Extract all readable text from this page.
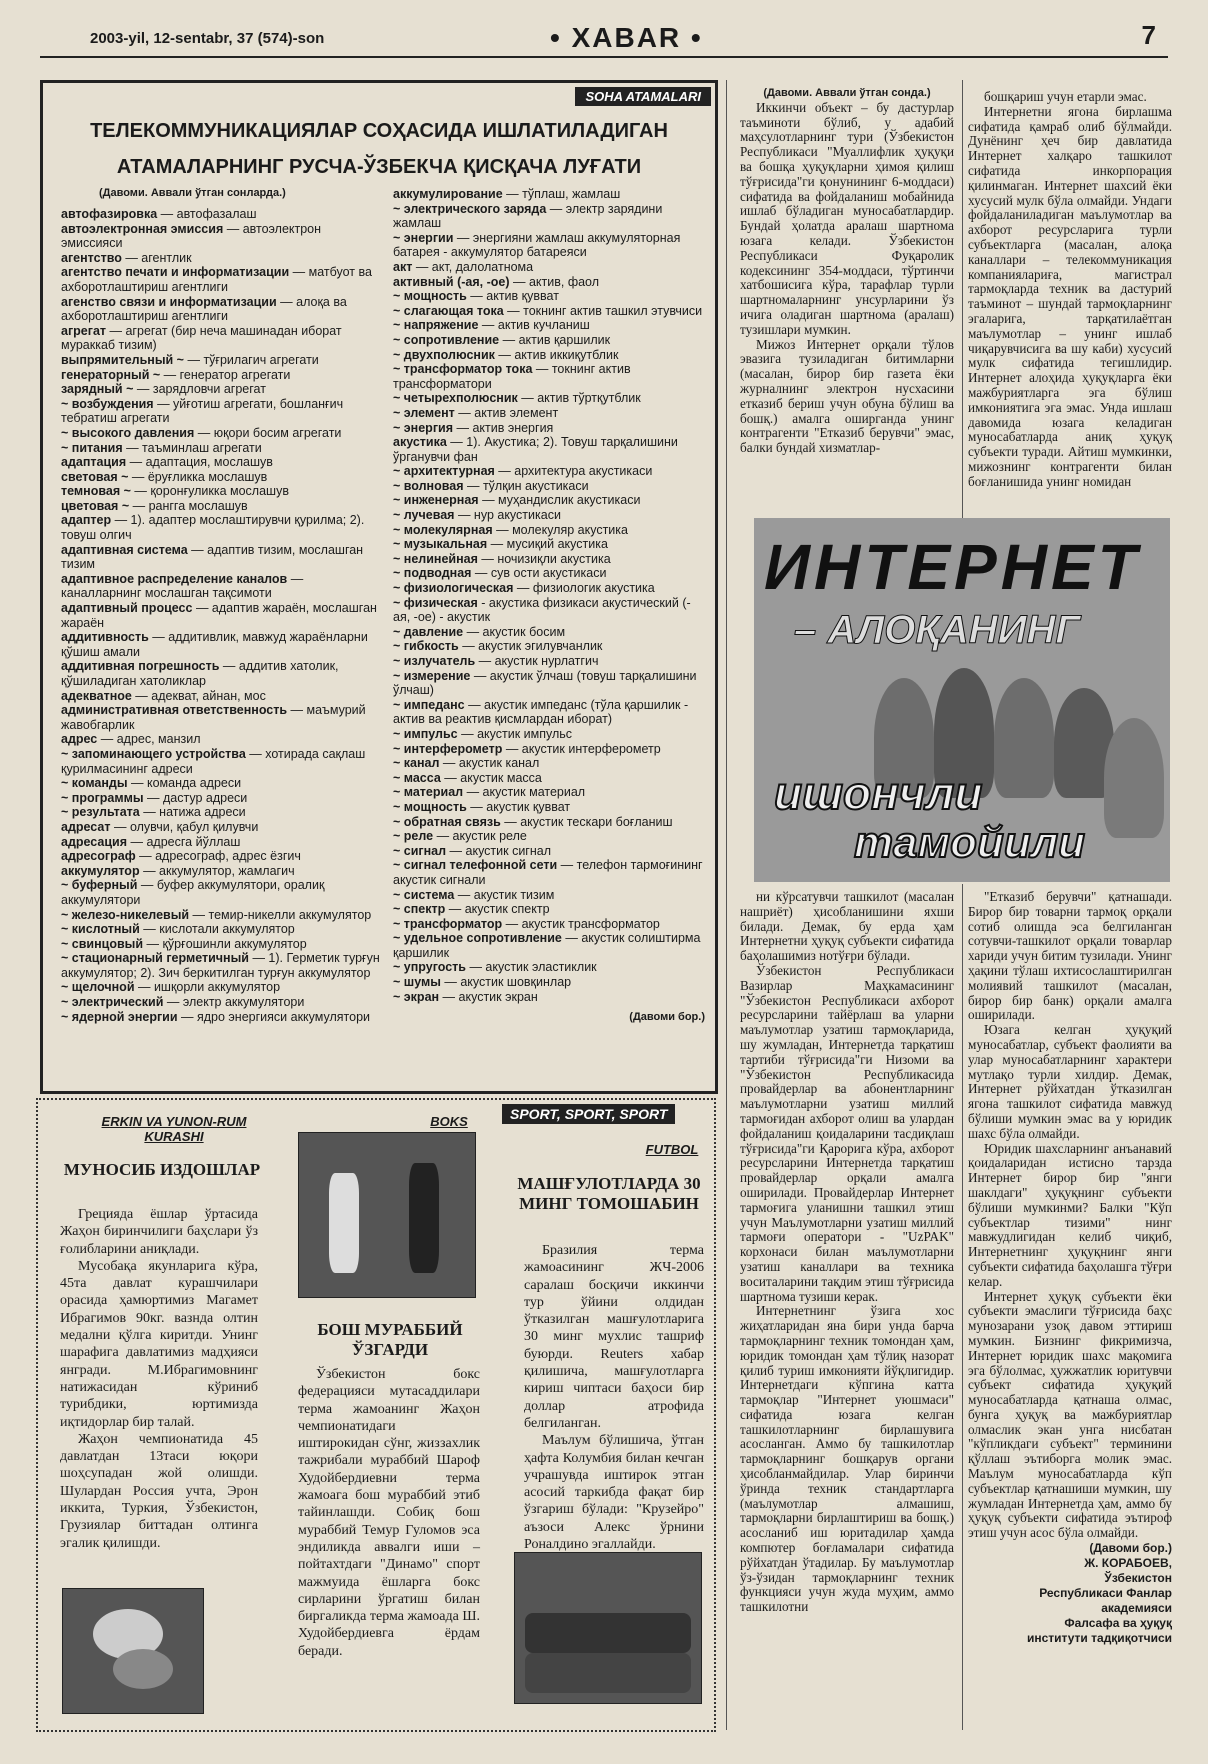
2003-yil, 12-sentabr, 37 (574)-son	• XABAR •	7
SOHA ATAMALARI
ТЕЛЕКОММУНИКАЦИЯЛАР СОҲАСИДА ИШЛАТИЛАДИГАН
АТАМАЛАРНИНГ РУСЧА-ЎЗБЕКЧА ҚИСҚАЧА ЛУҒАТИ
(Давоми. Аввали ўтган сонларда.)

автофазировка — автофазалаш

автоэлектронная эмиссия — автоэлектрон эмиссияси

агентство — агентлик

агентство печати и информатизации — матбуот ва ахборотлаштириш агентлиги

агенство связи и информатизации — алоқа ва ахборотлаштириш агентлиги

агрегат — агрегат (бир неча машинадан иборат мураккаб тизим)

выпрямительный ~ — тўғрилагич агрегати

генераторный ~ — генератор агрегати

зарядный ~ — зарядловчи агрегат

~ возбуждения — уйғотиш агрегати, бошланғич тебратиш агрегати

~ высокого давления — юқори босим агрегати

~ питания — таъминлаш агрегати

адаптация — адаптация, мослашув

световая ~ — ёруғликка мослашув

темновая ~ — қоронғуликка мослашув

цветовая ~ — рангга мослашув

адаптер — 1). адаптер мослаштирувчи қурилма; 2). товуш олгич

адаптивная система — адаптив тизим, мослашган тизим

адаптивное распределение каналов — каналларнинг мослашган тақсимоти

адаптивный процесс — адаптив жараён, мослашган жараён

аддитивность — аддитивлик, мавжуд жараёнларни қўшиш амали

аддитивная погрешность — аддитив хатолик, қўшиладиган хатоликлар

адекватное — адекват, айнан, мос

административная ответственность — маъмурий жавобгарлик

адрес — адрес, манзил

~ запоминающего устройства — хотирада сақлаш қурилмасининг адреси

~ команды — команда адреси

~ программы — дастур адреси

~ результата — натижа адреси

адресат — олувчи, қабул қилувчи

адресация — адресга йўллаш

адресограф — адресограф, адрес ёзгич

аккумулятор — аккумулятор, жамлагич

~ буферный — буфер аккумулятори, оралиқ аккумулятори

~ железо-никелевый — темир-никелли аккумулятор

~ кислотный — кислотали аккумулятор

~ свинцовый — қўрғошинли аккумулятор

~ стационарный герметичный — 1). Герметик турғун аккумулятор; 2). Зич беркитилган турғун аккумулятор

~ щелочной — ишқорли аккумулятор

~ электрический — электр аккумулятори

~ ядерной энергии — ядро энергияси аккумулятори

аккумулирование — тўплаш, жамлаш

~ электрического заряда — электр зарядини жамлаш

~ энергии — энергияни жамлаш аккумуляторная батарея - аккумулятор батареяси

акт — акт, далолатнома

активный (-ая, -ое) — актив, фаол

~ мощность — актив қувват

~ слагающая тока — токнинг актив ташкил этувчиси

~ напряжение — актив кучланиш

~ сопротивление — актив қаршилик

~ двухполюсник — актив иккиқутблик

~ трансформатор тока — токнинг актив трансформатори

~ четырехполюсник — актив тўртқутблик

~ элемент — актив элемент

~ энергия — актив энергия

акустика — 1). Акустика; 2). Товуш тарқалишини ўрганувчи фан

~ архитектурная — архитектура акустикаси

~ волновая — тўлқин акустикаси

~ инженерная — муҳандислик акустикаси

~ лучевая — нур акустикаси

~ молекулярная — молекуляр акустика

~ музыкальная — мусиқий акустика

~ нелинейная — ночизиқли акустика

~ подводная — сув ости акустикаси

~ физиологическая — физиологик акустика

~ физическая - акустика физикаси акустический (-ая, -ое) - акустик

~ давление — акустик босим

~ гибкость — акустик эгилувчанлик

~ излучатель — акустик нурлатгич

~ измерение — акустик ўлчаш (товуш тарқалишини ўлчаш)

~ импеданс — акустик импеданс (тўла қаршилик - актив ва реактив қисмлардан иборат)

~ импульс — акустик импульс

~ интерферометр — акустик интерферометр

~ канал — акустик канал

~ масса — акустик масса

~ материал — акустик материал

~ мощность — акустик қувват

~ обратная связь — акустик тескари боғланиш

~ реле — акустик реле

~ сигнал — акустик сигнал

~ сигнал телефонной сети — телефон тармоғининг акустик сигнали

~ система — акустик тизим

~ спектр — акустик спектр

~ трансформатор — акустик трансформатор

~ удельное сопротивление — акустик солиштирма қаршилик

~ упругость — акустик эластиклик

~ шумы — акустик шовқинлар

~ экран — акустик экран

(Давоми бор.)
ERKIN VA YUNON-RUM KURASHI
МУНОСИБ ИЗДОШЛАР

Грецияда ёшлар ўртасида Жаҳон биринчилиги баҳслари ўз ғолибларини аниқлади.

Мусобақа якунларига кўра, 45та давлат курашчилари орасида ҳамюртимиз Магамет Ибрагимов 90кг. вазнда олтин медални қўлга киритди. Унинг шарафига давлатимиз мадҳияси янгради. М.Ибрагимовнинг натижасидан кўриниб турибдики, юртимизда иқтидорлар бир талай.

Жаҳон чемпионатида 45 давлатдан 13таси юқори шоҳсупадан жой олишди. Шулардан Россия учта, Эрон иккита, Туркия, Ўзбекистон, Грузиялар биттадан олтинга эгалик қилишди.

BOKS
БОШ МУРАББИЙ ЎЗГАРДИ

Ўзбекистон бокс федерацияси мутасаддилари терма жамоанинг Жаҳон чемпионатидаги иштирокидан сўнг, жиззахлик тажрибали мураббий Шароф Худойбердиевни терма жамоага бош мураббий этиб тайинлашди. Собиқ бош мураббий Темур Гуломов эса эндиликда аввалги иши – пойтахтдаги "Динамо" спорт мажмуида ёшларга бокс сирларини ўргатиш билан биргаликда терма жамоада Ш. Худойбердиевга ёрдам беради.

SPORT, SPORT, SPORT
FUTBOL
МАШҒУЛОТЛАРДА 30 МИНГ ТОМОШАБИН

Бразилия терма жамоасининг ЖЧ-2006 саралаш босқичи иккинчи тур ўйини олдидан ўтказилган машғулотларига 30 минг мухлис ташриф буюрди. Reuters хабар қилишича, машғулотларга кириш чиптаси баҳоси бир доллар атрофида белгиланган.

Маълум бўлишича, ўтган ҳафта Колумбия билан кечган учрашувда иштирок этган асосий таркибда фақат бир ўзгариш бўлади: "Крузейро" аъзоси Алекс ўрнини Роналдино эгаллайди.

(Давоми. Аввали ўтган сонда.)

Иккинчи объект – бу дастурлар таъминоти бўлиб, у адабий маҳсулотларнинг тури (Ўзбекистон Республикаси "Муаллифлик ҳуқуқи ва бошқа ҳуқуқларни ҳимоя қилиш тўғрисида"ги қонунининг 6-моддаси) сифатида ва фойдаланиш мобайнида ишлаб бўладиган муносабатлардир. Бундай ҳолатда аралаш шартнома юзага келади. Ўзбекистон Республикаси Фуқаролик кодексининг 354-моддаси, тўртинчи хатбошисига кўра, тарафлар турли шартномаларнинг унсурларини ўз ичига оладиган шартнома (аралаш) тузишлари мумкин.

Мижоз Интернет орқали тўлов эвазига тузиладиган битимларни (масалан, бирор бир газета ёки журналнинг электрон нусхасини етказиб бериш учун обуна бўлиш ва бошқ.) амалга оширганда унинг контрагенти "Етказиб берувчи" эмас, балки бундай хизматлар-

бошқариш учун етарли эмас.

Интернетни ягона бирлашма сифатида қамраб олиб бўлмайди. Дунёнинг ҳеч бир давлатида Интернет халқаро ташкилот сифатида инкорпорация қилинмаган. Интернет шахсий ёки хусусий мулк бўла олмайди. Ундаги фойдаланиладиган маълумотлар ва ахборот ресурсларига турли субъектларга (масалан, алоқа каналлари – телекоммуникация компаниялариға, магистрал тармоқларда техник ва дастурий таъминот – шундай тармоқларнинг эгаларига, тарқатилаётган маълумотлар – унинг ишлаб чиқарувчисига ва шу каби) хусусий мулк сифатида тегишлидир. Интернет алоҳида ҳуқуқларга ёки мажбуриятларга эга бўлиш имкониятига эга эмас. Унда ишлаш давомида юзага келадиган муносабатларда аниқ ҳуқуқ субъекти туради. Айтиш мумкинки, мижознинг контрагенти билан боғланишида унинг номидан

ИНТЕРНЕТ
– АЛОҚАНИНГ
ишончли
тамойили

ни кўрсатувчи ташкилот (масалан нашриёт) ҳисобланишини яхши билади. Демак, бу ерда ҳам Интернетни ҳуқуқ субъекти сифатида баҳолашимиз нотўғри бўлади.

Ўзбекистон Республикаси Вазирлар Маҳкамасининг "Ўзбекистон Республикаси ахборот ресурсларини тайёрлаш ва уларни маълумотлар узатиш тармоқларида, шу жумладан, Интернетда тарқатиш тартиби тўғрисида"ги Низоми ва "Ўзбекистон Республикасида провайдерлар ва абонентларнинг маълумотларни узатиш миллий тармоғидан ахборот олиш ва улардан фойдаланиш қоидаларини тасдиқлаш тўғрисида"ги Қарорига кўра, ахборот ресурсларини Интернетда тарқатиш провайдерлар орқали амалга оширилади. Провайдерлар Интернет тармоғига уланишни ташкил этиш учун Маълумотларни узатиш миллий тармоғи оператори - "UzPAK" корхонаси билан маълумотларни узатиш каналлари ва техника воситаларини тақдим этиш тўғрисида шартнома тузиши керак.

Интернетнинг ўзига хос жиҳатларидан яна бири унда барча тармоқларнинг техник томондан ҳам, юридик томондан ҳам тўлиқ назорат қилиб туриш имконияти йўқлигидир. Интернетдаги кўпгина катта тармоқлар "Интернет уюшмаси" сифатида юзага келган ташкилотларнинг бирлашувига асосланган. Аммо бу ташкилотлар тармоқларнинг бошқарув органи ҳисобланмайдилар. Улар биринчи ўринда техник стандартларга (маълумотлар алмашиш, тармоқларни бирлаштириш ва бошқ.) асосланиб иш юритадилар ҳамда компютер боғламалари сифатида рўйхатдан ўтадилар. Бу маълумотлар ўз-ўзидан тармоқларнинг техник функцияси учун жуда муҳим, аммо ташкилотни

"Етказиб берувчи" қатнашади. Бирор бир товарни тармоқ орқали сотиб олишда эса белгиланган сотувчи-ташкилот орқали товарлар хариди учун битим тузилади. Унинг ҳақини тўлаш ихтисослаштирилган молиявий ташкилот (масалан, бирор бир банк) орқали амалга оширилади.

Юзага келган ҳуқуқий муносабатлар, субъект фаолияти ва улар муносабатларнинг характери мутлақо турли хилдир. Демак, Интернет рўйхатдан ўтказилган ягона ташкилот сифатида мавжуд бўлиши мумкин эмас ва у юридик шахс бўла олмайди.

Юридик шахсларнинг анъанавий қоидаларидан истисно тарзда Интернет бирор бир "янги шаклдаги" ҳуқуқнинг субъекти бўлиши мумкинми? Балки "Кўп субъектлар тизими" нинг мавжудлигидан келиб чиқиб, Интернетнинг ҳуқуқнинг янги субъекти сифатида баҳолашга тўғри келар.

Интернет ҳуқуқ субъекти ёки субъекти эмаслиги тўғрисида баҳс мунозарани узоқ давом эттириш мумкин. Бизнинг фикримизча, Интернет юридик шахс мақомига эга бўлолмас, ҳужжатлик юритувчи субъект сифатида ҳуқуқий муносабатларда қатнаша олмас, бунга ҳуқуқ ва мажбуриятлар олмаслик экан унга нисбатан "кўпликдаги субъект" терминини қўллаш эътиборга молик эмас. Маълум муносабатларда кўп субъектлар қатнашиши мумкин, шу жумладан Интернетда ҳам, аммо бу ҳуқуқ субъекти сифатида эътироф этиш учун асос бўла олмайди.

(Давоми бор.)

Ж. КОРАБОЕВ,

Ўзбекистон

Республикаси Фанлар

академияси

Фалсафа ва ҳуқуқ

институти тадқиқотчиси
